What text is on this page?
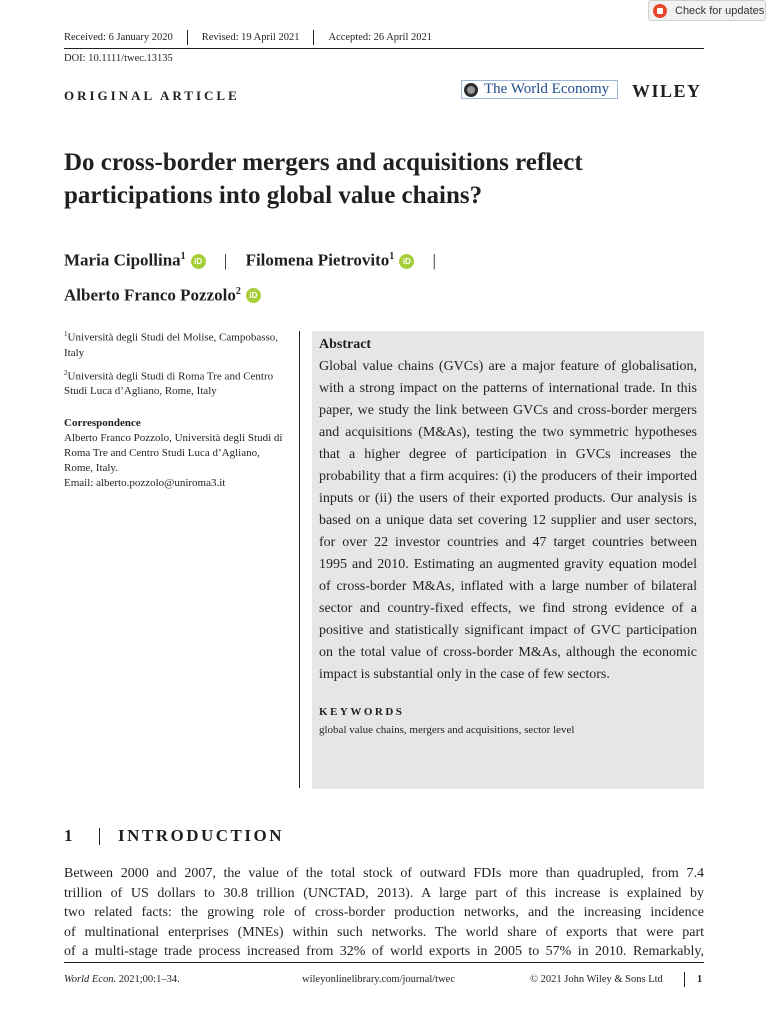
Check for updates
Received: 6 January 2020	Revised: 19 April 2021	Accepted: 26 April 2021
DOI: 10.1111/twec.13135
ORIGINAL ARTICLE	The World Economy WILEY
Do cross-border mergers and acquisitions reflect participations into global value chains?
Maria Cipollina$^1$ iD | Filomena Pietrovito$^1$ iD |
Alberto Franco Pozzolo$^2$ iD

$^1$Università degli Studi del Molise, Campobasso, Italy

$^2$Università degli Studi di Roma Tre and Centro Studi Luca d’Agliano, Rome, Italy

Correspondence

Alberto Franco Pozzolo, Università degli Studi di Roma Tre and Centro Studi Luca d’Agliano, Rome, Italy.
Email: alberto.pozzolo@uniroma3.it

Abstract
Global value chains (GVCs) are a major feature of globalisation, with a strong impact on the patterns of international trade. In this paper, we study the link between GVCs and cross-border mergers and acquisitions (M&As), testing the two symmetric hypotheses that a higher degree of participation in GVCs increases the probability that a firm acquires: (i) the producers of their imported inputs or (ii) the users of their exported products. Our analysis is based on a unique data set covering 12 supplier and user sectors, for over 22 investor countries and 47 target countries between 1995 and 2010. Estimating an augmented gravity equation model of cross-border M&As, inflated with a large number of bilateral sector and country-fixed effects, we find strong evidence of a positive and statistically significant impact of GVC participation on the total value of cross-border M&As, although the economic impact is substantial only in the case of few sectors.
KEYWORDS
global value chains, mergers and acquisitions, sector level
1	INTRODUCTION
Between 2000 and 2007, the value of the total stock of outward FDIs more than quadrupled, from 7.4
trillion of US dollars to 30.8 trillion (UNCTAD, 2013). A large part of this increase is explained by
two related facts: the growing role of cross-border production networks, and the increasing incidence
of multinational enterprises (MNEs) within such networks. The world share of exports that were part
of a multi-stage trade process increased from 32% of world exports in 2005 to 57% in 2010. Remarkably,
World Econ. 2021;00:1–34.	wileyonlinelibrary.com/journal/twec	© 2021 John Wiley & Sons Ltd	1
